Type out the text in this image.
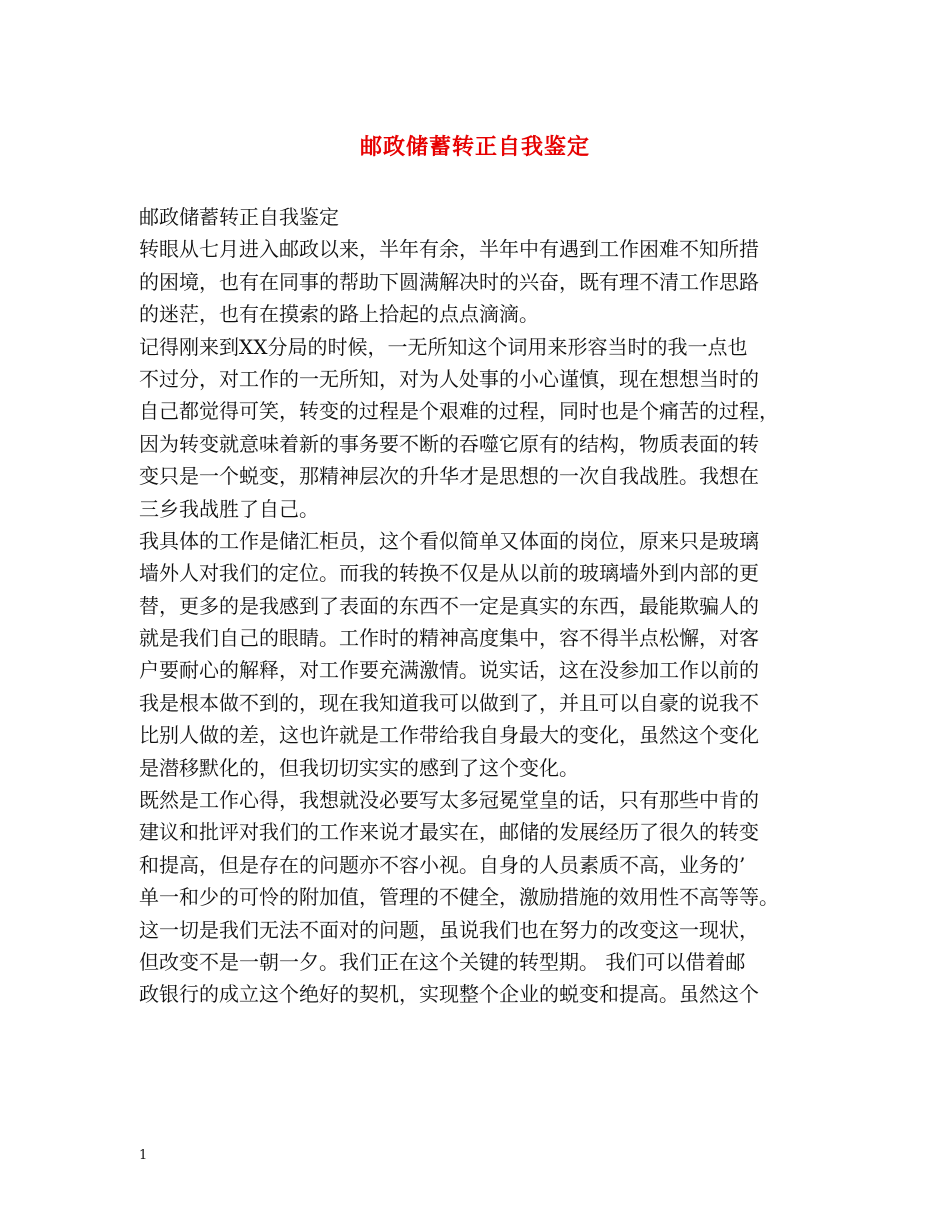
邮政储蓄转正自我鉴定
邮政储蓄转正自我鉴定
转眼从七月进入邮政以来，半年有余，半年中有遇到工作困难不知所措
的困境，也有在同事的帮助下圆满解决时的兴奋，既有理不清工作思路
的迷茫，也有在摸索的路上拾起的点点滴滴。
记得刚来到XX分局的时候，一无所知这个词用来形容当时的我一点也
不过分，对工作的一无所知，对为人处事的小心谨慎，现在想想当时的
自己都觉得可笑，转变的过程是个艰难的过程，同时也是个痛苦的过程，
因为转变就意味着新的事务要不断的吞噬它原有的结构，物质表面的转
变只是一个蜕变，那精神层次的升华才是思想的一次自我战胜。我想在
三乡我战胜了自己。
我具体的工作是储汇柜员，这个看似简单又体面的岗位，原来只是玻璃
墙外人对我们的定位。而我的转换不仅是从以前的玻璃墙外到内部的更
替，更多的是我感到了表面的东西不一定是真实的东西，最能欺骗人的
就是我们自己的眼睛。工作时的精神高度集中，容不得半点松懈，对客
户要耐心的解释，对工作要充满激情。说实话，这在没参加工作以前的
我是根本做不到的，现在我知道我可以做到了，并且可以自豪的说我不
比别人做的差，这也许就是工作带给我自身最大的变化，虽然这个变化
是潜移默化的，但我切切实实的感到了这个变化。
既然是工作心得，我想就没必要写太多冠冕堂皇的话，只有那些中肯的
建议和批评对我们的工作来说才最实在，邮储的发展经历了很久的转变
和提高，但是存在的问题亦不容小视。自身的人员素质不高，业务的’
单一和少的可怜的附加值，管理的不健全，激励措施的效用性不高等等。
这一切是我们无法不面对的问题，虽说我们也在努力的改变这一现状，
但改变不是一朝一夕。我们正在这个关键的转型期。 我们可以借着邮
政银行的成立这个绝好的契机，实现整个企业的蜕变和提高。虽然这个
1
